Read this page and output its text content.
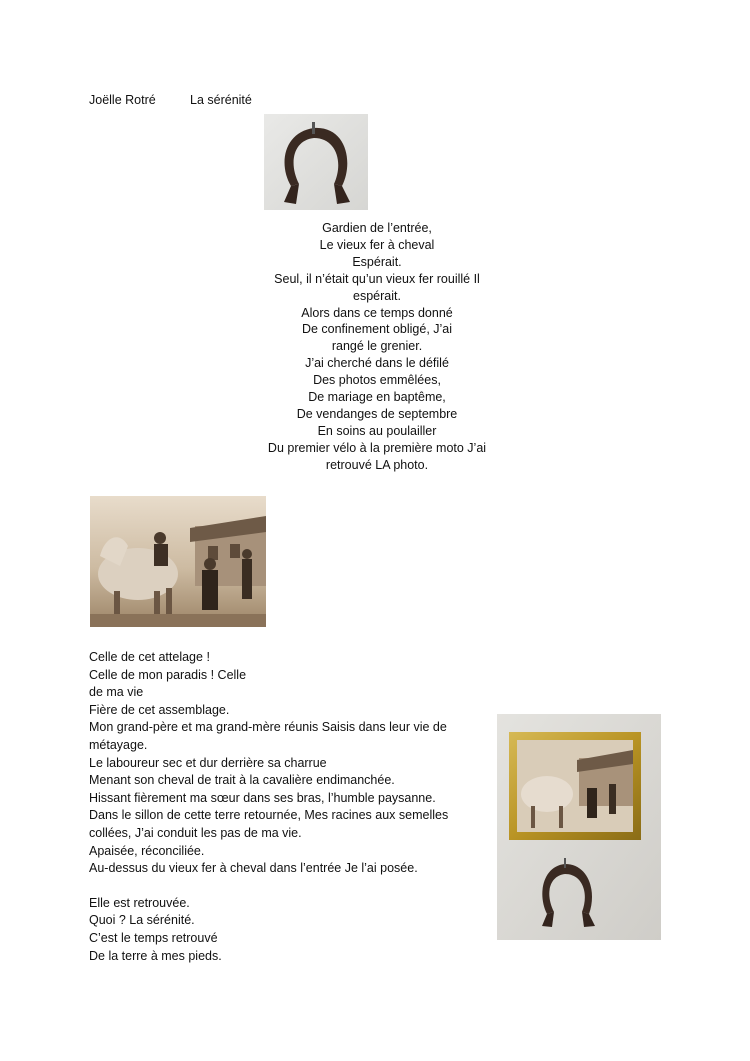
Joëlle Rotré	La sérénité
Gardien de l’entrée,
Le vieux fer à cheval
Espérait.
Seul, il n’était qu’un vieux fer rouillé Il
espérait.
Alors dans ce temps donné
De confinement obligé, J’ai
rangé le grenier.
J’ai cherché dans le défilé
Des photos emmêlées,
De mariage en baptême,
De vendanges de septembre
En soins au poulailler
Du premier vélo à la première moto J’ai
retrouvé LA photo.
Celle de cet attelage !
Celle de mon paradis ! Celle
de ma vie
Fière de cet assemblage.
Mon grand-père et ma grand-mère réunis Saisis dans leur vie de
métayage.
Le laboureur sec et dur derrière sa charrue
Menant son cheval de trait à la cavalière endimanchée.
Hissant fièrement ma sœur dans ses bras, l’humble paysanne.
Dans le sillon de cette terre retournée, Mes racines aux semelles
collées, J’ai conduit les pas de ma vie.
Apaisée, réconciliée.
Au-dessus du vieux fer à cheval dans l’entrée Je l’ai posée.
Elle est retrouvée.
Quoi ? La sérénité.
C’est le temps retrouvé
De la terre à mes pieds.
